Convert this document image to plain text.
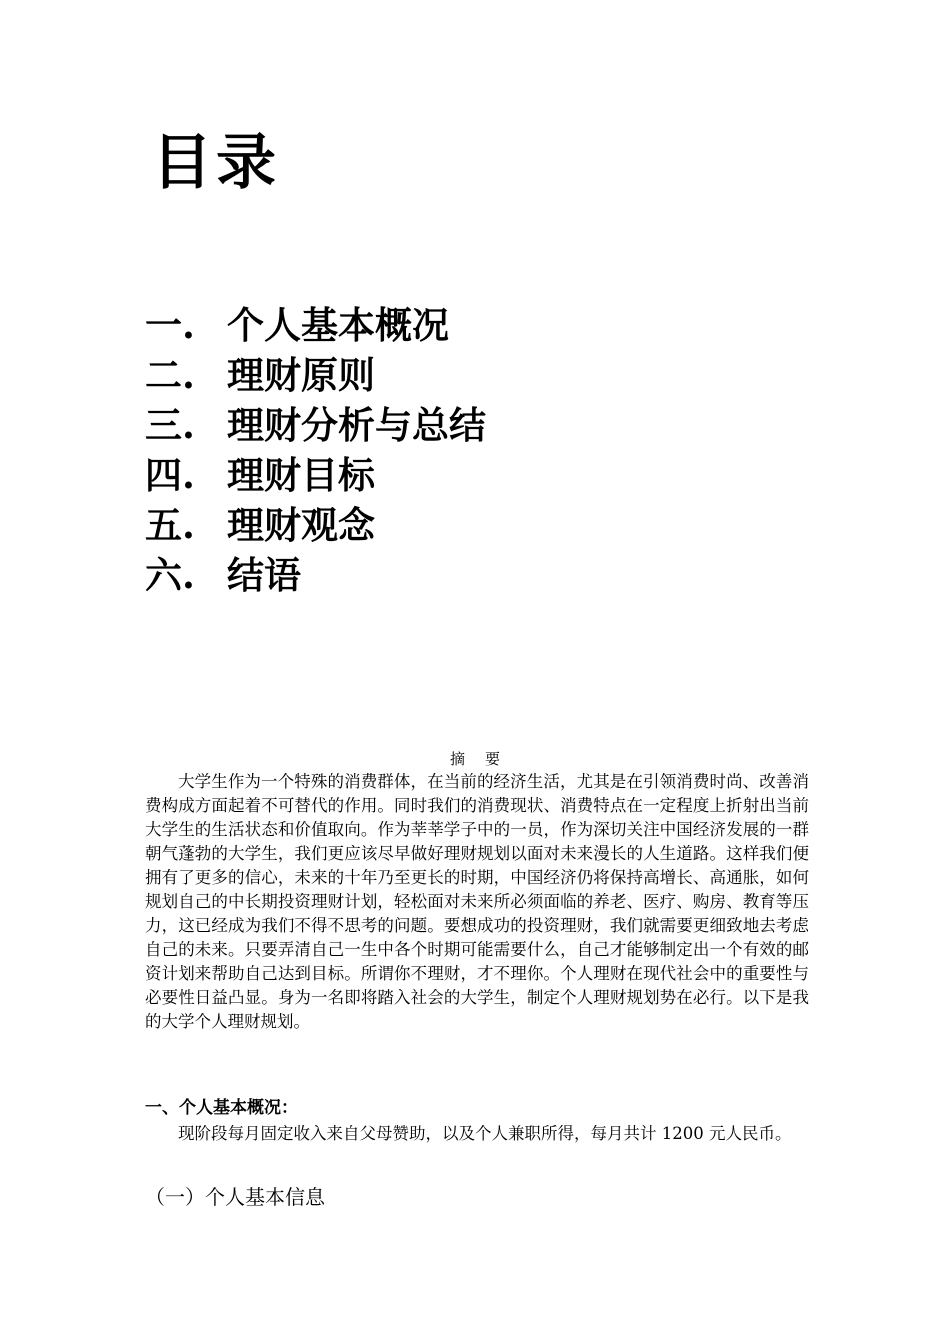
目录
一. 个人基本概况
二. 理财原则
三. 理财分析与总结
四. 理财目标
五. 理财观念
六. 结语
摘要

大学生作为一个特殊的消费群体，在当前的经济生活，尤其是在引领消费时尚、改善消费构成方面起着不可替代的作用。同时我们的消费现状、消费特点在一定程度上折射出当前大学生的生活状态和价值取向。作为莘莘学子中的一员，作为深切关注中国经济发展的一群朝气蓬勃的大学生，我们更应该尽早做好理财规划以面对未来漫长的人生道路。这样我们便拥有了更多的信心，未来的十年乃至更长的时期，中国经济仍将保持高增长、高通胀，如何规划自己的中长期投资理财计划，轻松面对未来所必须面临的养老、医疗、购房、教育等压力，这已经成为我们不得不思考的问题。要想成功的投资理财，我们就需要更细致地去考虑自己的未来。只要弄清自己一生中各个时期可能需要什么，自己才能够制定出一个有效的邮资计划来帮助自己达到目标。所谓你不理财，才不理你。个人理财在现代社会中的重要性与必要性日益凸显。身为一名即将踏入社会的大学生，制定个人理财规划势在必行。以下是我的大学个人理财规划。

一、个人基本概况：

现阶段每月固定收入来自父母赞助，以及个人兼职所得，每月共计 1200 元人民币。

（一）个人基本信息
